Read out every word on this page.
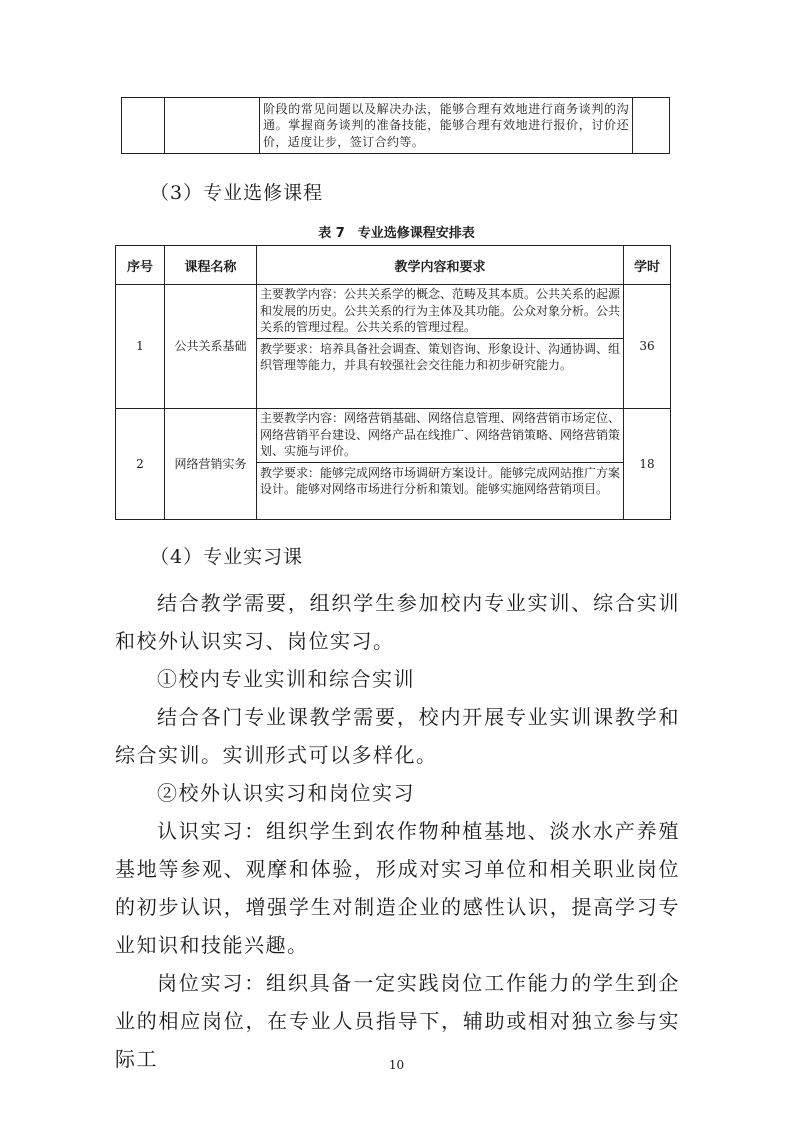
阶段的常见问题以及解决办法，能够合理有效地进行商务谈判的沟通。掌握商务谈判的准备技能，能够合理有效地进行报价，讨价还价，适度让步，签订合约等。

（3）专业选修课程
表 7　专业选修课程安排表
序号	课程名称	教学内容和要求	学时
1	公共关系基础	主要教学内容：公共关系学的概念、范畴及其本质。公共关系的起源和发展的历史。公共关系的行为主体及其功能。公众对象分析。公共关系的管理过程。公共关系的管理过程。
教学要求：培养具备社会调查、策划咨询、形象设计、沟通协调、组织管理等能力，并具有较强社会交往能力和初步研究能力。	36
2	网络营销实务	主要教学内容：网络营销基础、网络信息管理、网络营销市场定位、网络营销平台建设、网络产品在线推广、网络营销策略、网络营销策划、实施与评价。
教学要求：能够完成网络市场调研方案设计。能够完成网站推广方案设计。能够对网络市场进行分析和策划。能够实施网络营销项目。	18
（4）专业实习课
结合教学需要，组织学生参加校内专业实训、综合实训和校外认识实习、岗位实习。
①校内专业实训和综合实训
结合各门专业课教学需要，校内开展专业实训课教学和综合实训。实训形式可以多样化。
②校外认识实习和岗位实习
认识实习：组织学生到农作物种植基地、淡水水产养殖基地等参观、观摩和体验，形成对实习单位和相关职业岗位的初步认识，增强学生对制造企业的感性认识，提高学习专业知识和技能兴趣。
岗位实习：组织具备一定实践岗位工作能力的学生到企业的相应岗位，在专业人员指导下，辅助或相对独立参与实际工	10
